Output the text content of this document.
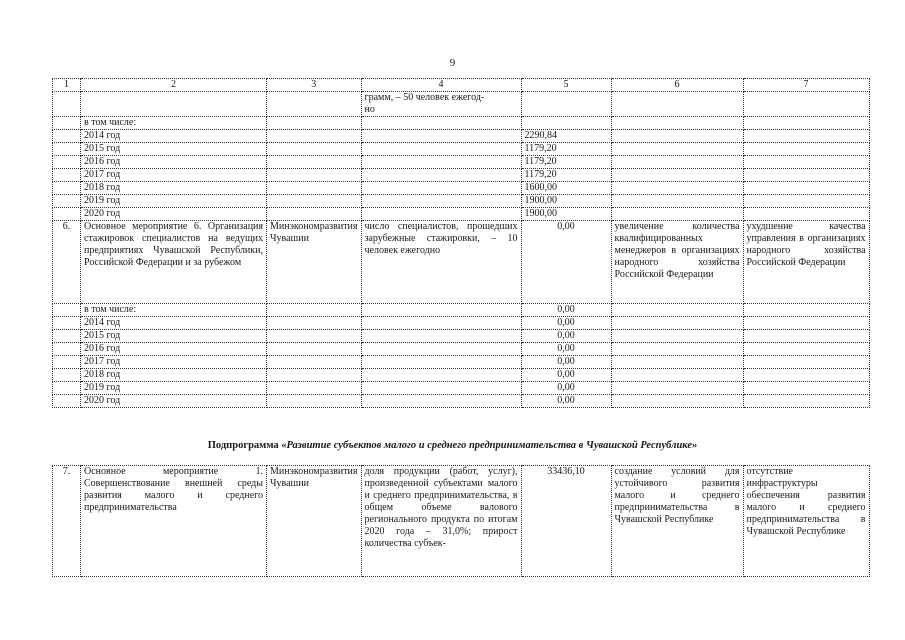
9
1	2	3	4	5	6	7
			грамм, – 50 человек ежегод-
но			
	в том числе:					
	2014 год			2290,84		
	2015 год			1179,20		
	2016 год			1179,20		
	2017 год			1179,20		
	2018 год			1600,00		
	2019 год			1900,00		
	2020 год			1900,00		
6.	Основное мероприятие 6. Организация стажировок специалистов на ведущих предприятиях Чувашской Республики, Российской Федерации и за рубежом	Минэкономразвития Чувашии	число специалистов, прошедших зарубежные стажировки, – 10 человек ежегодно	0,00	увеличение количества квалифицированных менеджеров в организациях народного хозяйства Российской Федерации	ухудшение качества управления в организациях народного хозяйства Российской Федерации
	в том числе:			0,00		
	2014 год			0,00		
	2015 год			0,00		
	2016 год			0,00		
	2017 год			0,00		
	2018 год			0,00		
	2019 год			0,00		
	2020 год			0,00		
Подпрограмма «Развитие субъектов малого и среднего предпринимательства в Чувашской Республике»
7.	Основное мероприятие 1. Совершенствование внешней среды развития малого и среднего предпринимательства	Минэкономразвития Чувашии	доля продукции (работ, услуг), произведенной субъектами малого и среднего предпринимательства, в общем объеме валового регионального продукта по итогам 2020 года – 31,0%; прирост количества субъек-	33436,10	создание условий для устойчивого развития малого и среднего предпринимательства в Чувашской Республике	отсутствие инфраструктуры обеспечения развития малого и среднего предпринимательства в Чувашской Республике
